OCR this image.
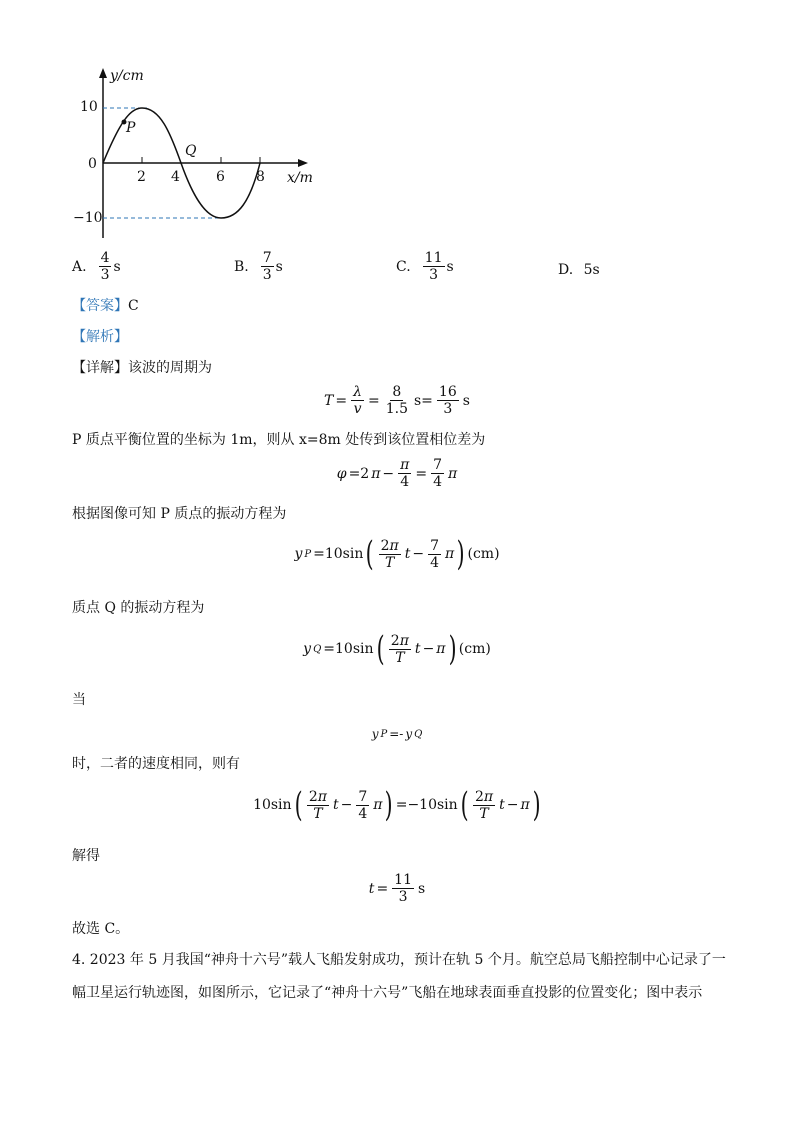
y/cm
x/m
10
0
−10
2 4	6 8
P
Q
A. $\frac{4}{3}$ s	B. $\frac{7}{3}$ s	C. $\frac{11}{3}$ s	D. 5s
【答案】C
【解析】
【详解】该波的周期为
$T = \frac{\lambda}{v} = \frac{8}{1.5} s= \frac{16}{3}$ s
P 质点平衡位置的坐标为 1m，则从 x=8m 处传到该位置相位差为
φ =2 $\pi - \frac{\pi}{4} = \frac{7}{4}$ π
根据图像可知 P 质点的振动方程为
y P =10sin ( $\frac{2\pi}{T}$ $t - \frac{7}{4}$ π ) (cm)
质点 Q 的振动方程为
y Q =10sin ( $\frac{2\pi}{T}$ t − π ) (cm)
当
y P =- y Q
时，二者的速度相同，则有
10sin ( $\frac{2\pi}{T}$ $t - \frac{7}{4}$ π ) =−10sin ( $\frac{2\pi}{T}$ t − π )
解得
$t = \frac{11}{3}$ s
故选 C。
4. 2023 年 5 月我国“神舟十六号”载人飞船发射成功，预计在轨 5 个月。航空总局飞船控制中心记录了一
幅卫星运行轨迹图，如图所示，它记录了“神舟十六号”飞船在地球表面垂直投影的位置变化；图中表示
